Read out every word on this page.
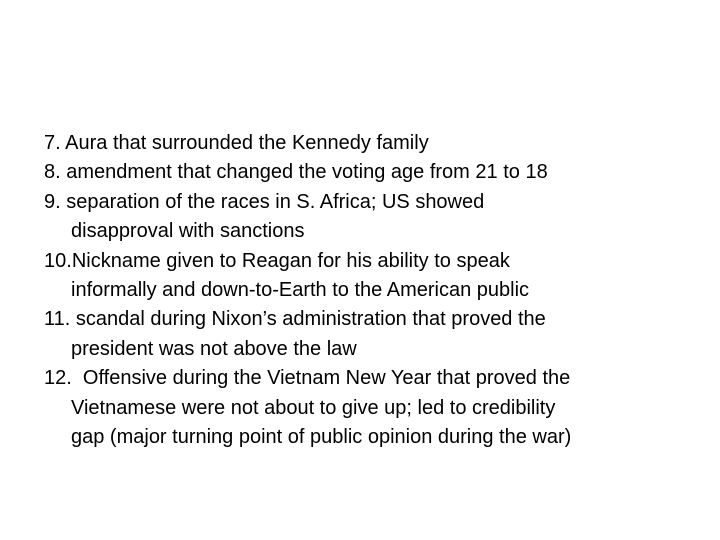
7. Aura that surrounded the Kennedy family
8. amendment that changed the voting age from 21 to 18
9. separation of the races in S. Africa; US showed
disapproval with sanctions
10.Nickname given to Reagan for his ability to speak
informally and down-to-Earth to the American public
11. scandal during Nixon’s administration that proved the
president was not above the law
12.  Offensive during the Vietnam New Year that proved the
Vietnamese were not about to give up; led to credibility
gap (major turning point of public opinion during the war)
